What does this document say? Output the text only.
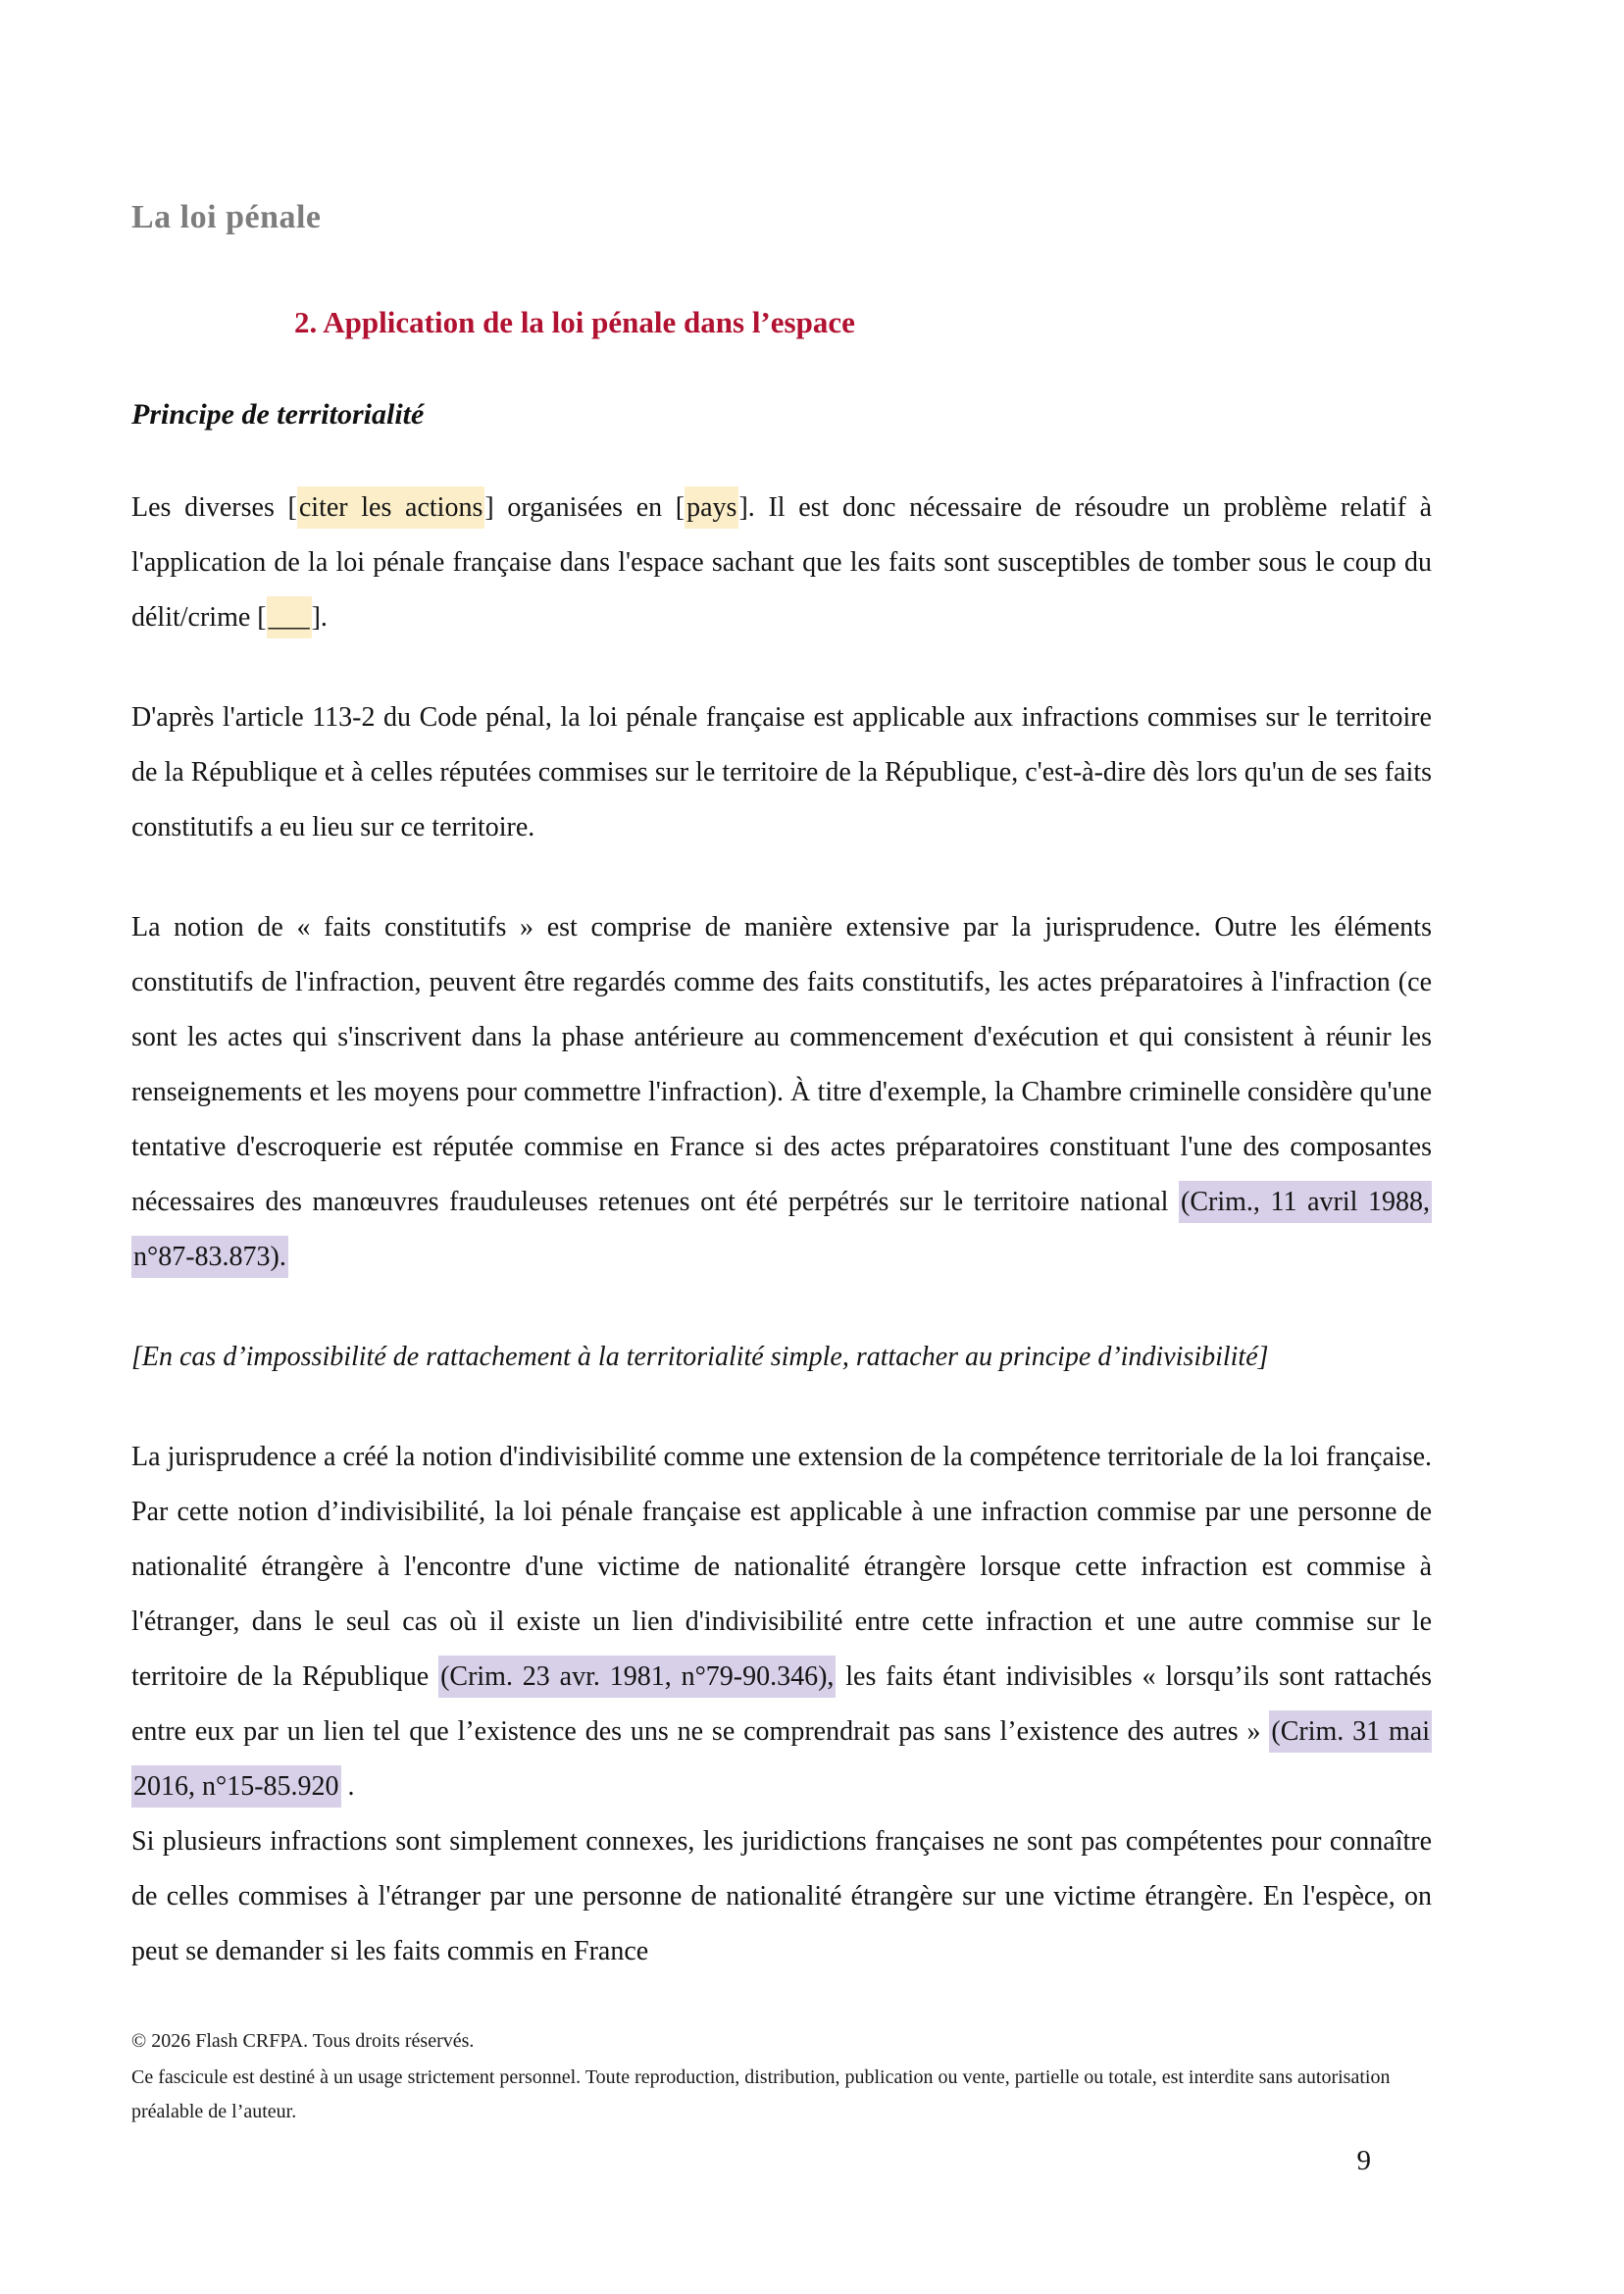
La loi pénale
2. Application de la loi pénale dans l’espace
Principe de territorialité

Les diverses [citer les actions] organisées en [pays]. Il est donc nécessaire de résoudre un problème relatif à l'application de la loi pénale française dans l'espace sachant que les faits sont susceptibles de tomber sous le coup du délit/crime [___].

D'après l'article 113-2 du Code pénal, la loi pénale française est applicable aux infractions commises sur le territoire de la République et à celles réputées commises sur le territoire de la République, c'est-à-dire dès lors qu'un de ses faits constitutifs a eu lieu sur ce territoire.

La notion de « faits constitutifs » est comprise de manière extensive par la jurisprudence. Outre les éléments constitutifs de l'infraction, peuvent être regardés comme des faits constitutifs, les actes préparatoires à l'infraction (ce sont les actes qui s'inscrivent dans la phase antérieure au commencement d'exécution et qui consistent à réunir les renseignements et les moyens pour commettre l'infraction). À titre d'exemple, la Chambre criminelle considère qu'une tentative d'escroquerie est réputée commise en France si des actes préparatoires constituant l'une des composantes nécessaires des manœuvres frauduleuses retenues ont été perpétrés sur le territoire national (Crim., 11 avril 1988, n°87-83.873).

[En cas d’impossibilité de rattachement à la territorialité simple, rattacher au principe d’indivisibilité]

La jurisprudence a créé la notion d'indivisibilité comme une extension de la compétence territoriale de la loi française. Par cette notion d’indivisibilité, la loi pénale française est applicable à une infraction commise par une personne de nationalité étrangère à l'encontre d'une victime de nationalité étrangère lorsque cette infraction est commise à l'étranger, dans le seul cas où il existe un lien d'indivisibilité entre cette infraction et une autre commise sur le territoire de la République (Crim. 23 avr. 1981, n°79-90.346), les faits étant indivisibles « lorsqu’ils sont rattachés entre eux par un lien tel que l’existence des uns ne se comprendrait pas sans l’existence des autres » (Crim. 31 mai 2016, n°15-85.920 .

Si plusieurs infractions sont simplement connexes, les juridictions françaises ne sont pas compétentes pour connaître de celles commises à l'étranger par une personne de nationalité étrangère sur une victime étrangère. En l'espèce, on peut se demander si les faits commis en France

© 2026 Flash CRFPA. Tous droits réservés.

Ce fascicule est destiné à un usage strictement personnel. Toute reproduction, distribution, publication ou vente, partielle ou totale, est interdite sans autorisation préalable de l’auteur.

9
